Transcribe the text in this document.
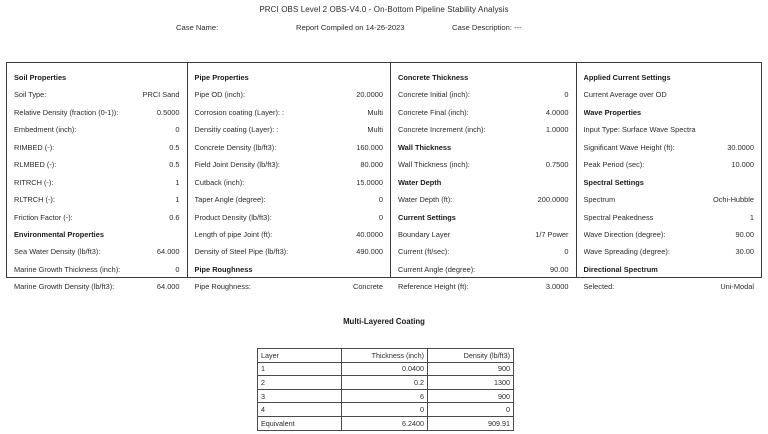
PRCI OBS Level 2 OBS-V4.0 - On-Bottom Pipeline Stability Analysis
Case Name:	Report Compiled on 14-26-2023	Case Description: ---
Soil Properties
Soil Type:	PRCI Sand
Relative Density (fraction (0-1)):	0.5000
Embedment (inch):	0
RIMBED (-):	0.5
RLMBED (-):	0.5
RITRCH (-):	1
RLTRCH (-):	1
Friction Factor (-):	0.6
Environmental Properties
Sea Water Density (lb/ft3):	64.000
Marine Growth Thickness (inch):	0
Marine Growth Density (lb/ft3):	64.000
Pipe Properties
Pipe OD (inch):	20.0000
Corrosion coating (Layer): :	Multi
Densitiy coating (Layer): :	Multi
Concrete Density (lb/ft3):	160.000
Field Joint Density (lb/ft3):	80.000
Cutback (inch):	15.0000
Taper Angle (degree):	0
Product Density (lb/ft3):	0
Length of pipe Joint (ft):	40.0000
Density of Steel Pipe (lb/ft3):	490.000
Pipe Roughness
Pipe Roughness:	Concrete
Concrete Thickness
Concrete Initial (inch):	0
Concrete Final (inch):	4.0000
Concrete Increment (inch):	1.0000
Wall Thickness
Wall Thickness (inch):	0.7500
Water Depth
Water Depth (ft):	200.0000
Current Settings
Boundary Layer	1/7 Power
Current (ft/sec):	0
Current Angle (degree):	90.00
Reference Height (ft):	3.0000
Applied Current Settings
Current Average over OD
Wave Properties
Input Type: Surface Wave Spectra
Significant Wave Height (ft):	30.0000
Peak Period (sec):	10.000
Spectral Settings
Spectrum	Ochi-Hubble
Spectral Peakedness	1
Wave Direction (degree):	90.00
Wave Spreading (degree):	30.00
Directional Spectrum
Selected:	Uni-Modal
Multi-Layered Coating
Layer	Thickness (inch)	Density (lb/ft3)
1	0.0400	900
2	0.2	1300
3	6	900
4	0	0
Equivalent	6.2400	909.91
